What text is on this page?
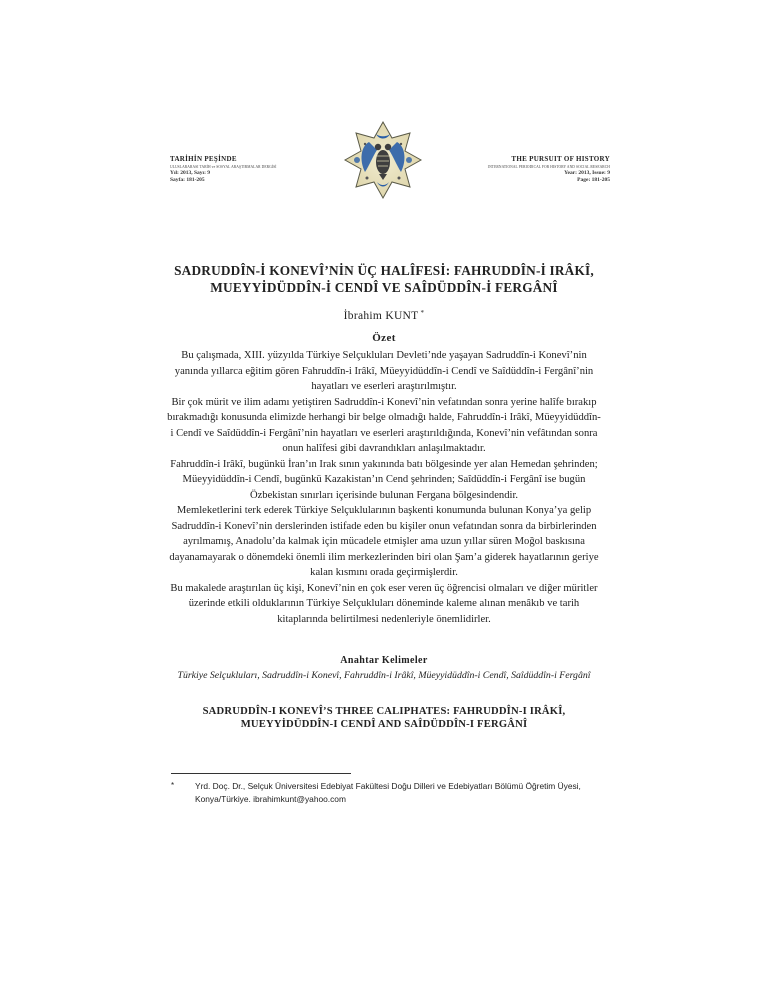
TARİHİN PEŞİNDE
ULUSLARARASI TARİH ve SOSYAL ARAŞTIRMALAR DERGİSİ
Yıl: 2013, Sayı: 9
Sayfa: 181-205
THE PURSUIT OF HISTORY
INTERNATIONAL PERIODICAL FOR HISTORY AND SOCIAL RESEARCH
Year: 2013, Issue: 9
Page: 181-205
SADRUDDÎN-İ KONEVÎ’NİN ÜÇ HALÎFESİ: FAHRUDDÎN-İ IRÂKÎ,
MUEYYİDÜDDÎN-İ CENDÎ VE SAÎDÜDDÎN-İ FERGÂNÎ
İbrahim KUNT *
Özet

Bu çalışmada, XIII. yüzyılda Türkiye Selçukluları Devleti’nde yaşayan Sadruddîn-i Konevî’nin yanında yıllarca eğitim gören Fahruddîn-i Irâkî, Müeyyidüddîn-i Cendî ve Saîdüddîn-i Fergânî’nin hayatları ve eserleri araştırılmıştır.

Bir çok mürit ve ilim adamı yetiştiren Sadruddîn-i Konevî’nin vefatından sonra yerine halîfe bırakıp bırakmadığı konusunda elimizde herhangi bir belge olmadığı halde, Fahruddîn-i Irâkî, Müeyyidüddîn-i Cendî ve Saîdüddîn-i Fergânî’nin hayatları ve eserleri araştırıldığında, Konevî’nin vefâtından sonra onun halîfesi gibi davrandıkları anlaşılmaktadır.

Fahruddîn-i Irâkî, bugünkü İran’ın Irak sının yakınında batı bölgesinde yer alan Hemedan şehrinden; Müeyyidüddîn-i Cendî, bugünkü Kazakistan’ın Cend şehrinden; Saîdüddîn-i Fergânî ise bugün Özbekistan sınırları içerisinde bulunan Fergana bölgesindendir.

Memleketlerini terk ederek Türkiye Selçuklularının başkenti konumunda bulunan Konya’ya gelip Sadruddîn-i Konevî’nin derslerinden istifade eden bu kişiler onun vefatından sonra da birbirlerinden ayrılmamış, Anadolu’da kalmak için mücadele etmişler ama uzun yıllar süren Moğol baskısına dayanamayarak o dönemdeki önemli ilim merkezlerinden biri olan Şam’a giderek hayatlarının geriye kalan kısmını orada geçirmişlerdir.

Bu makalede araştırılan üç kişi, Konevî’nin en çok eser veren üç öğrencisi olmaları ve diğer müritler üzerinde etkili olduklarının Türkiye Selçukluları döneminde kaleme alınan menâkıb ve tarih kitaplarında belirtilmesi nedenleriyle önemlidirler.

Anahtar Kelimeler
Türkiye Selçukluları, Sadruddîn-i Konevî, Fahruddîn-i Irâkî, Müeyyidüddîn-i Cendî, Saîdüddîn-i Fergânî
SADRUDDÎN-I KONEVÎ’S THREE CALIPHATES: FAHRUDDÎN-I IRÂKÎ,
MUEYYİDÜDDÎN-I CENDÎ AND SAÎDÜDDÎN-I FERGÂNÎ
* Yrd. Doç. Dr., Selçuk Üniversitesi Edebiyat Fakültesi Doğu Dilleri ve Edebiyatları Bölümü Öğretim Üyesi, Konya/Türkiye. ibrahimkunt@yahoo.com
